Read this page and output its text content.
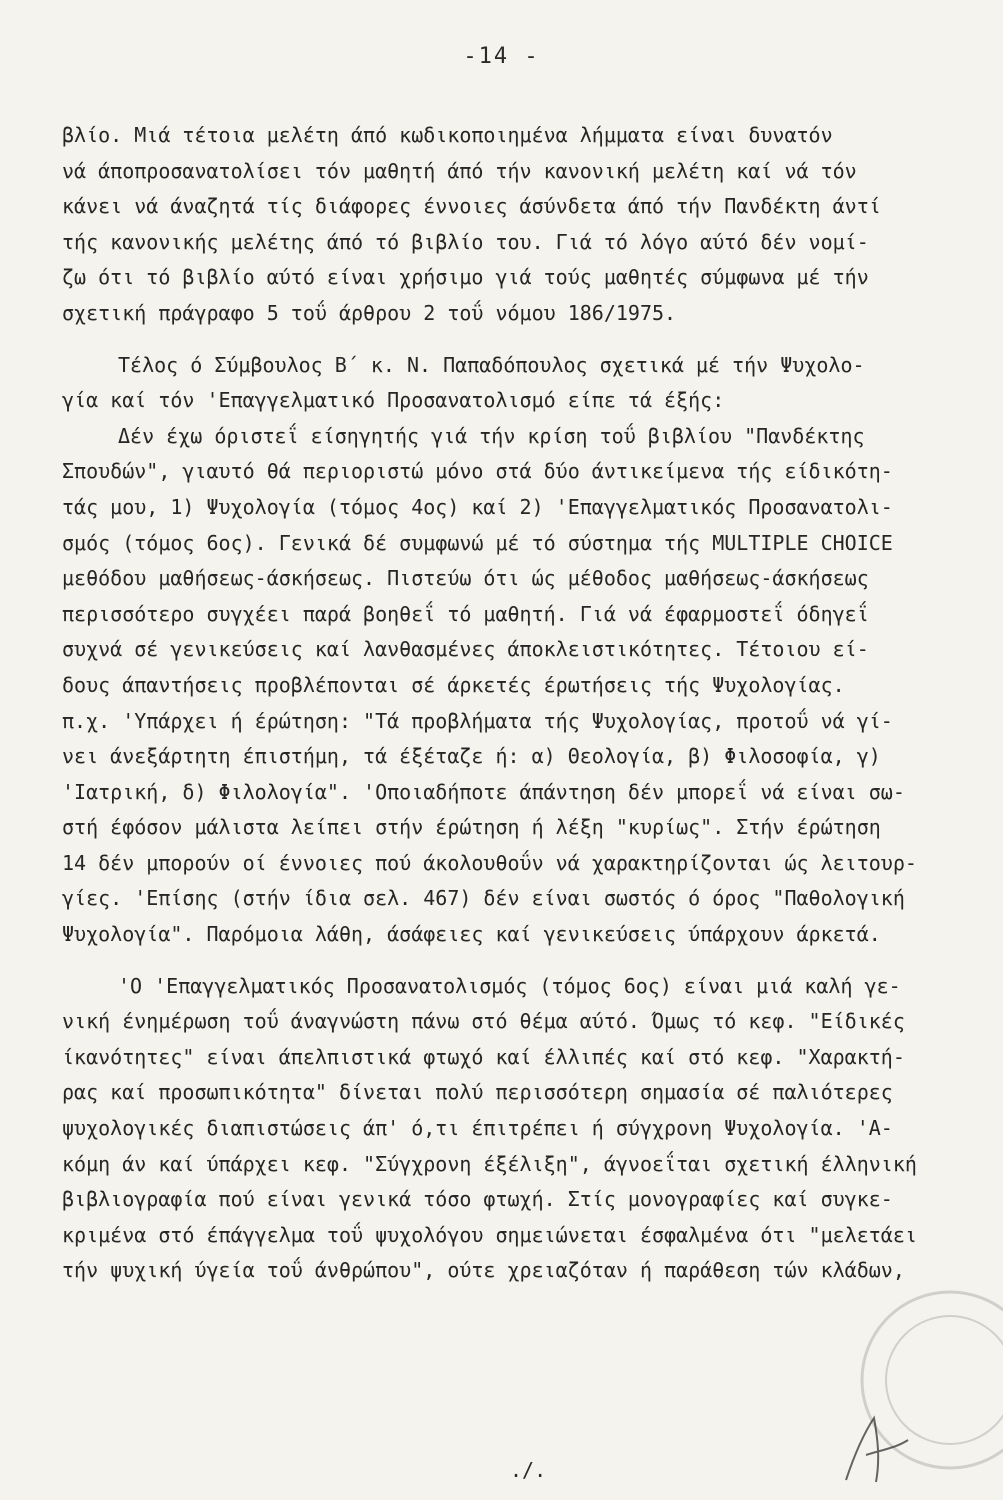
-14 -
βλίο. Μιά τέτοια μελέτη άπό κωδικοποιημένα λήμματα είναι δυνατόν
νά άποπροσανατολίσει τόν μαθητή άπό τήν κανονική μελέτη καί νά τόν
κάνει νά άναζητά τίς διάφορες έννοιες άσύνδετα άπό τήν Πανδέκτη άντί
τής κανονικής μελέτης άπό τό βιβλίο του. Γιά τό λόγο αύτό δέν νομί-
ζω ότι τό βιβλίο αύτό είναι χρήσιμο γιά τούς μαθητές σύμφωνα μέ τήν
σχετική πράγραφο 5 τοΰ άρθρου 2 τοΰ νόμου 186/1975.
Τέλος ό Σύμβουλος Β΄ κ. Ν. Παπαδόπουλος σχετικά μέ τήν Ψυχολο-
γία καί τόν 'Επαγγελματικό Προσανατολισμό είπε τά έξής:
Δέν έχω όριστεΐ είσηγητής γιά τήν κρίση τοΰ βιβλίου "Πανδέκτης
Σπουδών", γιαυτό θά περιοριστώ μόνο στά δύο άντικείμενα τής είδικότη-
τάς μου, 1) Ψυχολογία (τόμος 4ος) καί 2) 'Επαγγελματικός Προσανατολι-
σμός (τόμος 6ος). Γενικά δέ συμφωνώ μέ τό σύστημα τής MULTIPLE CHOICE
μεθόδου μαθήσεως-άσκήσεως. Πιστεύω ότι ώς μέθοδος μαθήσεως-άσκήσεως
περισσότερο συγχέει παρά βοηθεΐ τό μαθητή. Γιά νά έφαρμοστεΐ όδηγεΐ
συχνά σέ γενικεύσεις καί λανθασμένες άποκλειστικότητες. Τέτοιου εί-
δους άπαντήσεις προβλέπονται σέ άρκετές έρωτήσεις τής Ψυχολογίας.
π.χ. 'Υπάρχει ή έρώτηση: "Τά προβλήματα τής Ψυχολογίας, προτοΰ νά γί-
νει άνεξάρτητη έπιστήμη, τά έξέταζε ή: α) Θεολογία, β) Φιλοσοφία, γ)
'Ιατρική, δ) Φιλολογία". 'Οποιαδήποτε άπάντηση δέν μπορεΐ νά είναι σω-
στή έφόσον μάλιστα λείπει στήν έρώτηση ή λέξη "κυρίως". Στήν έρώτηση
14 δέν μπορούν οί έννοιες πού άκολουθοΰν νά χαρακτηρίζονται ώς λειτουρ-
γίες. 'Επίσης (στήν ίδια σελ. 467) δέν είναι σωστός ό όρος "Παθολογική
Ψυχολογία". Παρόμοια λάθη, άσάφειες καί γενικεύσεις ύπάρχουν άρκετά.
'Ο 'Επαγγελματικός Προσανατολισμός (τόμος 6ος) είναι μιά καλή γε-
νική ένημέρωση τοΰ άναγνώστη πάνω στό θέμα αύτό. Όμως τό κεφ. "Είδικές
ίκανότητες" είναι άπελπιστικά φτωχό καί έλλιπές καί στό κεφ. "Χαρακτή-
ρας καί προσωπικότητα" δίνεται πολύ περισσότερη σημασία σέ παλιότερες
ψυχολογικές διαπιστώσεις άπ' ό,τι έπιτρέπει ή σύγχρονη Ψυχολογία. 'Α-
κόμη άν καί ύπάρχει κεφ. "Σύγχρονη έξέλιξη", άγνοεΐται σχετική έλληνική
βιβλιογραφία πού είναι γενικά τόσο φτωχή. Στίς μονογραφίες καί συγκε-
κριμένα στό έπάγγελμα τοΰ ψυχολόγου σημειώνεται έσφαλμένα ότι "μελετάει
τήν ψυχική ύγεία τοΰ άνθρώπου", ούτε χρειαζόταν ή παράθεση τών κλάδων,
./.
